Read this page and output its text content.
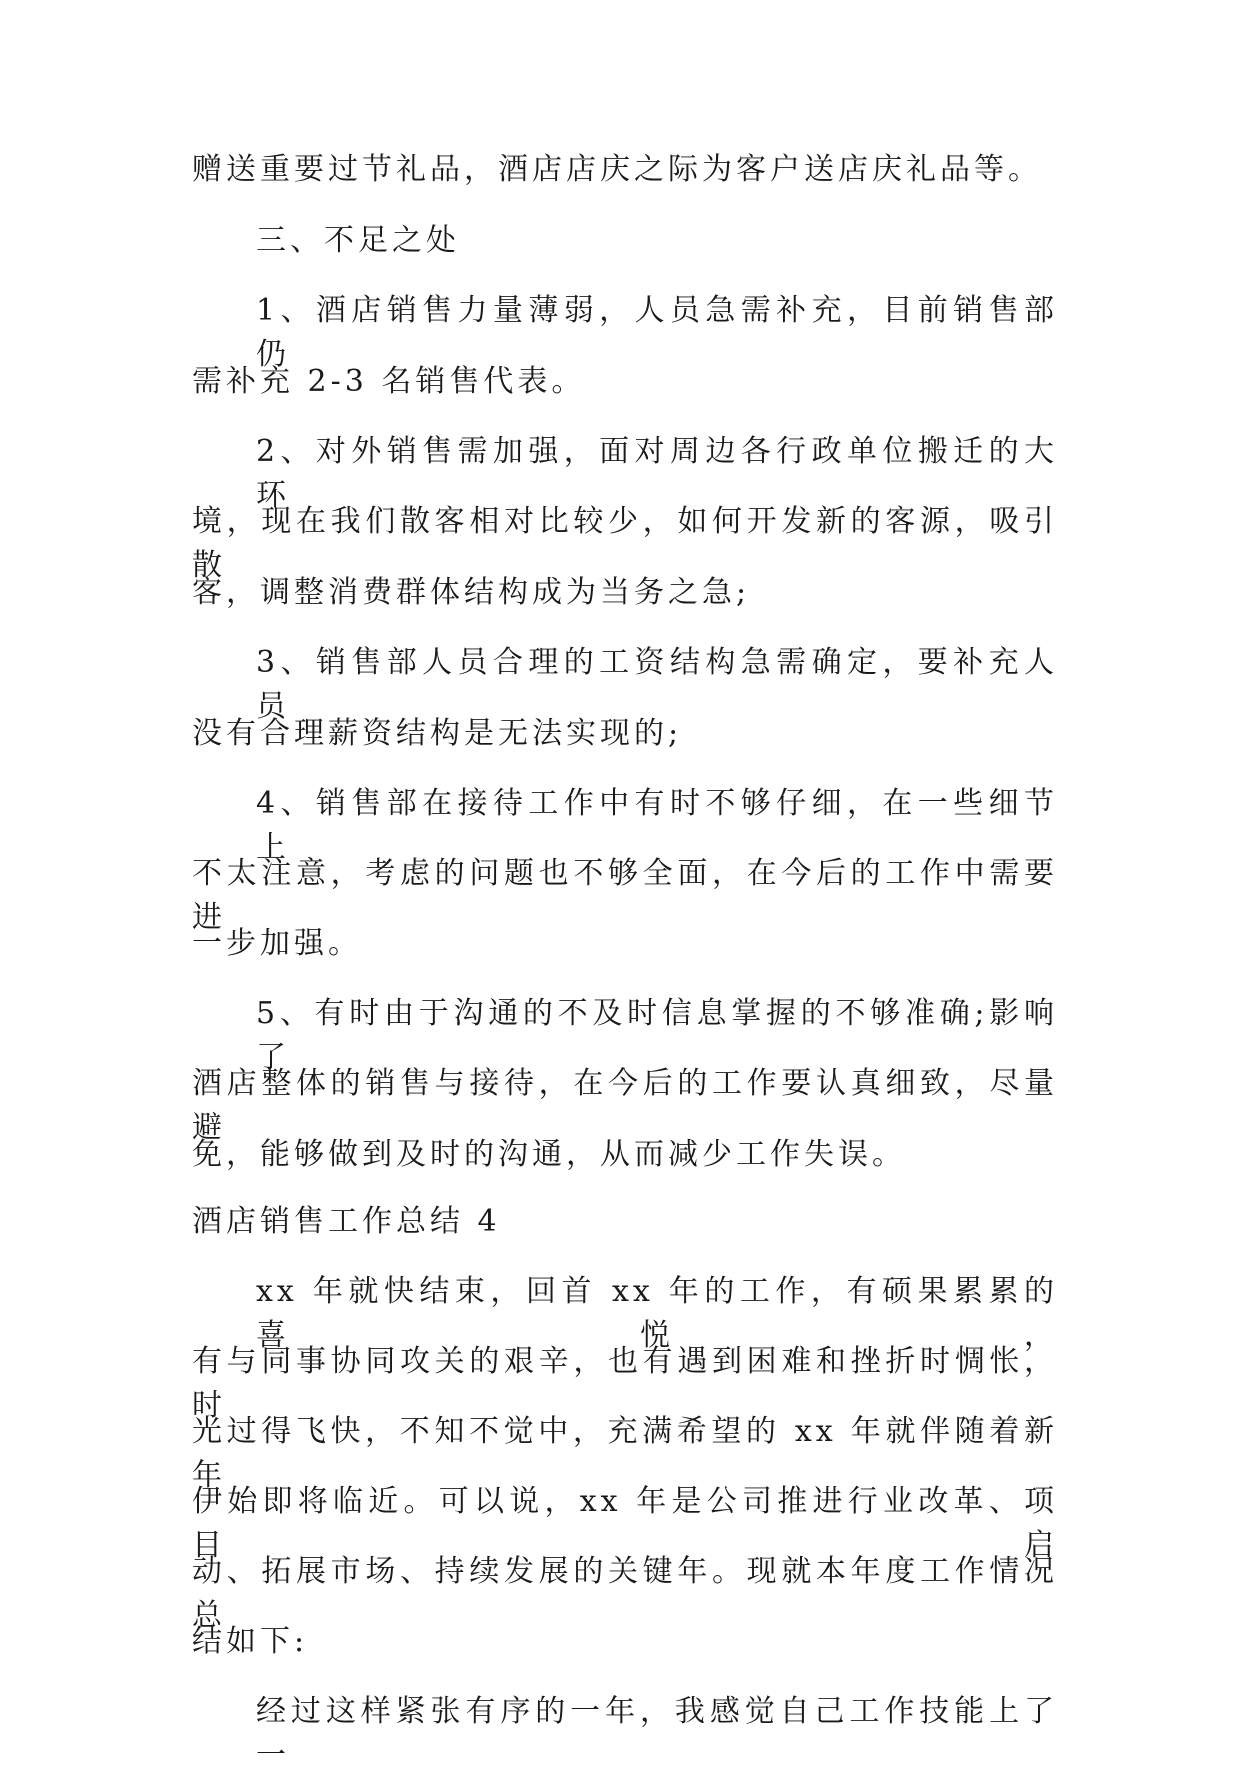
赠送重要过节礼品，酒店店庆之际为客户送店庆礼品等。
三、不足之处
1、酒店销售力量薄弱，人员急需补充，目前销售部仍
需补充 2-3 名销售代表。
2、对外销售需加强，面对周边各行政单位搬迁的大环
境，现在我们散客相对比较少，如何开发新的客源，吸引散
客，调整消费群体结构成为当务之急;
3、销售部人员合理的工资结构急需确定，要补充人员
没有合理薪资结构是无法实现的;
4、销售部在接待工作中有时不够仔细，在一些细节上
不太注意，考虑的问题也不够全面，在今后的工作中需要进
一步加强。
5、有时由于沟通的不及时信息掌握的不够准确;影响了
酒店整体的销售与接待，在今后的工作要认真细致，尽量避
免，能够做到及时的沟通，从而减少工作失误。
酒店销售工作总结 4
xx 年就快结束，回首 xx 年的工作，有硕果累累的喜悦，
有与同事协同攻关的艰辛，也有遇到困难和挫折时惆怅，时
光过得飞快，不知不觉中，充满希望的 xx 年就伴随着新年
伊始即将临近。可以说，xx 年是公司推进行业改革、项目启
动、拓展市场、持续发展的关键年。现就本年度工作情况总
结如下:
经过这样紧张有序的一年，我感觉自己工作技能上了一
